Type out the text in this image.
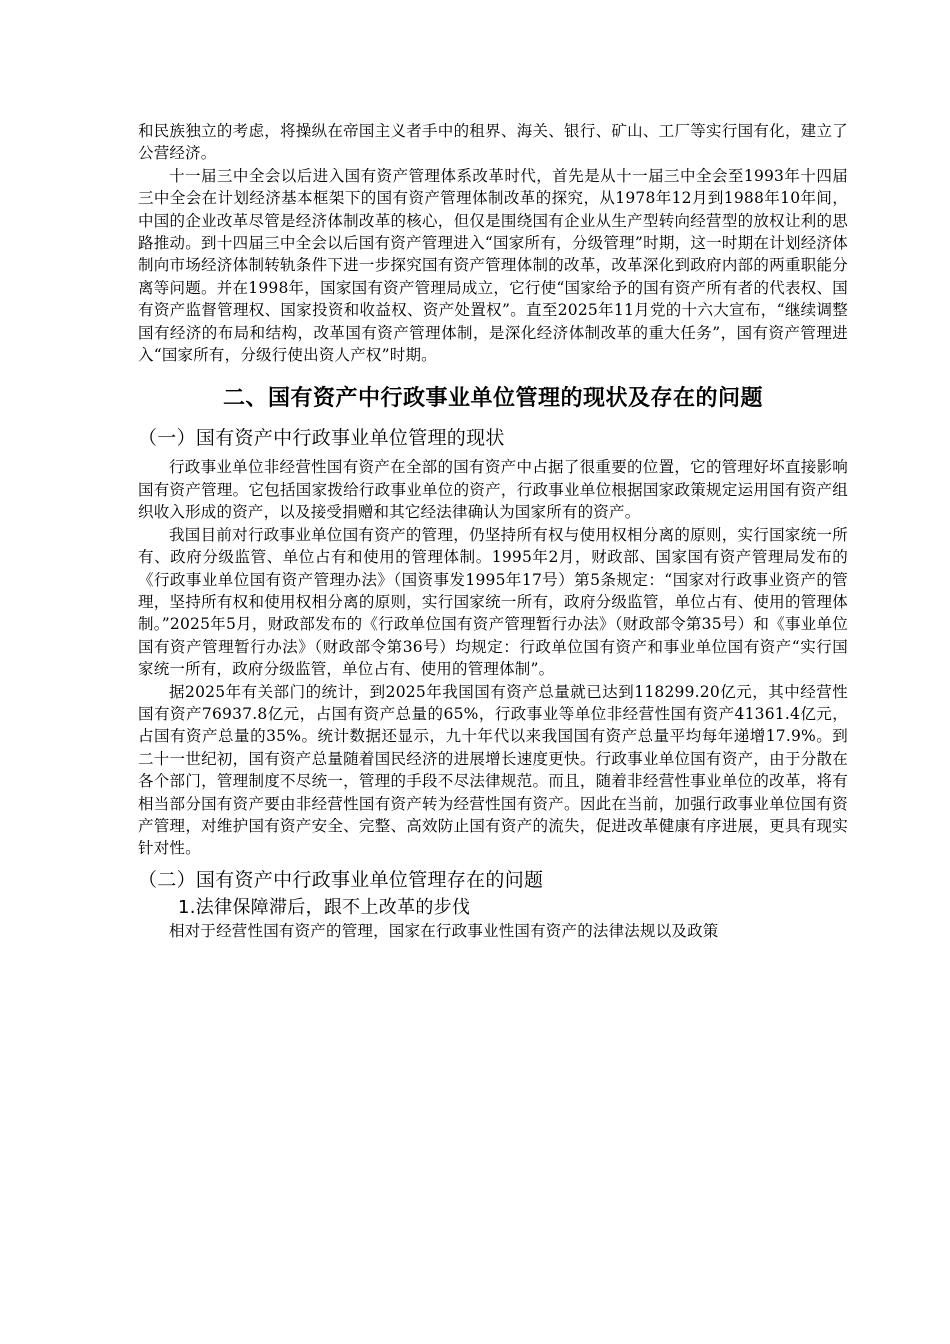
和民族独立的考虑，将操纵在帝国主义者手中的租界、海关、银行、矿山、工厂等实行国有化，建立了公营经济。

十一届三中全会以后进入国有资产管理体系改革时代，首先是从十一届三中全会至1993年十四届三中全会在计划经济基本框架下的国有资产管理体制改革的探究，从1978年12月到1988年10年间，中国的企业改革尽管是经济体制改革的核心，但仅是围绕国有企业从生产型转向经营型的放权让利的思路推动。到十四届三中全会以后国有资产管理进入“国家所有，分级管理”时期，这一时期在计划经济体制向市场经济体制转轨条件下进一步探究国有资产管理体制的改革，改革深化到政府内部的两重职能分离等问题。并在1998年，国家国有资产管理局成立，它行使“国家给予的国有资产所有者的代表权、国有资产监督管理权、国家投资和收益权、资产处置权”。直至2025年11月党的十六大宣布，“继续调整国有经济的布局和结构，改革国有资产管理体制，是深化经济体制改革的重大任务”，国有资产管理进入“国家所有，分级行使出资人产权”时期。

二、国有资产中行政事业单位管理的现状及存在的问题
（一）国有资产中行政事业单位管理的现状

行政事业单位非经营性国有资产在全部的国有资产中占据了很重要的位置，它的管理好坏直接影响国有资产管理。它包括国家拨给行政事业单位的资产，行政事业单位根据国家政策规定运用国有资产组织收入形成的资产，以及接受捐赠和其它经法律确认为国家所有的资产。

我国目前对行政事业单位国有资产的管理，仍坚持所有权与使用权相分离的原则，实行国家统一所有、政府分级监管、单位占有和使用的管理体制。1995年2月，财政部、国家国有资产管理局发布的《行政事业单位国有资产管理办法》（国资事发1995年17号）第5条规定：“国家对行政事业资产的管理，坚持所有权和使用权相分离的原则，实行国家统一所有，政府分级监管，单位占有、使用的管理体制。”2025年5月，财政部发布的《行政单位国有资产管理暂行办法》（财政部令第35号）和《事业单位国有资产管理暂行办法》（财政部令第36号）均规定：行政单位国有资产和事业单位国有资产“实行国家统一所有，政府分级监管，单位占有、使用的管理体制”。

据2025年有关部门的统计，到2025年我国国有资产总量就已达到118299.20亿元，其中经营性国有资产76937.8亿元，占国有资产总量的65%，行政事业等单位非经营性国有资产41361.4亿元，占国有资产总量的35%。统计数据还显示，九十年代以来我国国有资产总量平均每年递增17.9%。到二十一世纪初，国有资产总量随着国民经济的进展增长速度更快。行政事业单位国有资产，由于分散在各个部门，管理制度不尽统一，管理的手段不尽法律规范。而且，随着非经营性事业单位的改革，将有相当部分国有资产要由非经营性国有资产转为经营性国有资产。因此在当前，加强行政事业单位国有资产管理，对维护国有资产安全、完整、高效防止国有资产的流失，促进改革健康有序进展，更具有现实针对性。

（二）国有资产中行政事业单位管理存在的问题
1.法律保障滞后，跟不上改革的步伐

相对于经营性国有资产的管理，国家在行政事业性国有资产的法律法规以及政策
